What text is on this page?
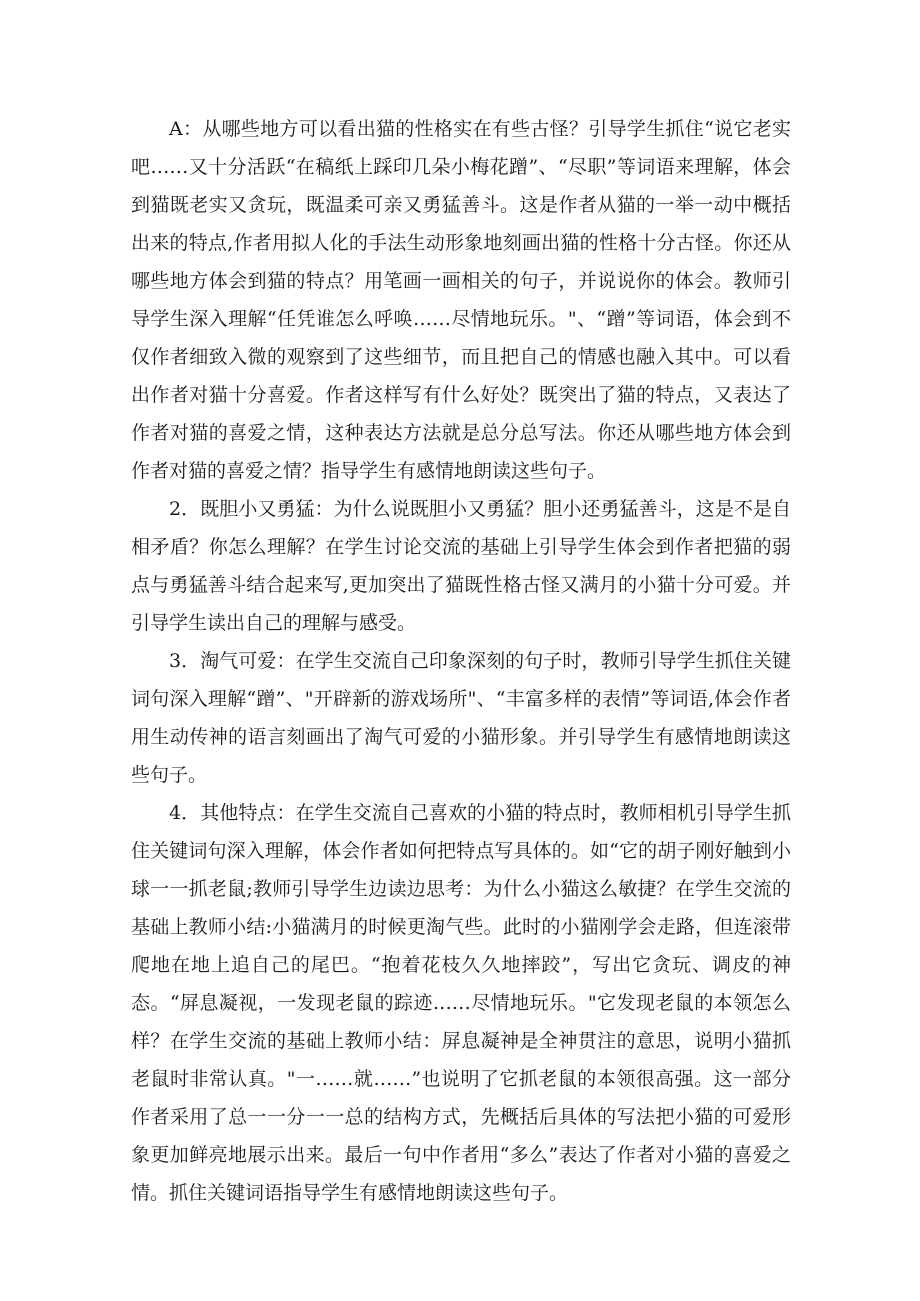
A：从哪些地方可以看出猫的性格实在有些古怪？引导学生抓住“说它老实吧……又十分活跃“在稿纸上踩印几朵小梅花蹭”、“尽职”等词语来理解，体会到猫既老实又贪玩，既温柔可亲又勇猛善斗。这是作者从猫的一举一动中概括出来的特点,作者用拟人化的手法生动形象地刻画出猫的性格十分古怪。你还从哪些地方体会到猫的特点？用笔画一画相关的句子，并说说你的体会。教师引导学生深入理解“任凭谁怎么呼唤……尽情地玩乐。"、“蹭”等词语，体会到不仅作者细致入微的观察到了这些细节，而且把自己的情感也融入其中。可以看出作者对猫十分喜爱。作者这样写有什么好处？既突出了猫的特点，又表达了作者对猫的喜爱之情，这种表达方法就是总分总写法。你还从哪些地方体会到作者对猫的喜爱之情？指导学生有感情地朗读这些句子。

2．既胆小又勇猛：为什么说既胆小又勇猛？胆小还勇猛善斗，这是不是自相矛盾？你怎么理解？在学生讨论交流的基础上引导学生体会到作者把猫的弱点与勇猛善斗结合起来写,更加突出了猫既性格古怪又满月的小猫十分可爱。并引导学生读出自己的理解与感受。

3．淘气可爱：在学生交流自己印象深刻的句子时，教师引导学生抓住关键词句深入理解“蹭”、"开辟新的游戏场所"、“丰富多样的表情”等词语,体会作者用生动传神的语言刻画出了淘气可爱的小猫形象。并引导学生有感情地朗读这些句子。

4．其他特点：在学生交流自己喜欢的小猫的特点时，教师相机引导学生抓住关键词句深入理解，体会作者如何把特点写具体的。如“它的胡子刚好触到小球一一抓老鼠;教师引导学生边读边思考：为什么小猫这么敏捷？在学生交流的基础上教师小结:小猫满月的时候更淘气些。此时的小猫刚学会走路，但连滚带爬地在地上追自己的尾巴。“抱着花枝久久地摔跤”，写出它贪玩、调皮的神态。“屏息凝视，一发现老鼠的踪迹……尽情地玩乐。"它发现老鼠的本领怎么样？在学生交流的基础上教师小结：屏息凝神是全神贯注的意思，说明小猫抓老鼠时非常认真。"一……就……”也说明了它抓老鼠的本领很高强。这一部分作者采用了总一一分一一总的结构方式，先概括后具体的写法把小猫的可爱形象更加鲜亮地展示出来。最后一句中作者用“多么”表达了作者对小猫的喜爱之情。抓住关键词语指导学生有感情地朗读这些句子。
